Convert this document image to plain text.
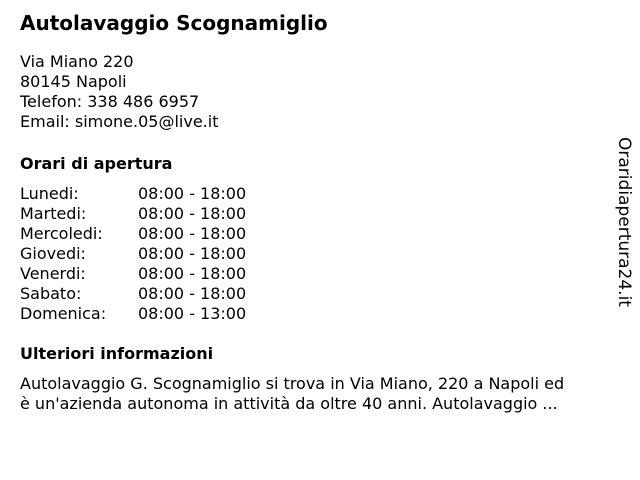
Autolavaggio Scognamiglio
Via Miano 220
80145 Napoli
Telefon: 338 486 6957
Email: simone.05@live.it
Orari di apertura
Lunedi:	08:00 - 18:00
Martedi:	08:00 - 18:00
Mercoledi: 08:00 - 18:00
Giovedi:	08:00 - 18:00
Venerdi:	08:00 - 18:00
Sabato:	08:00 - 18:00
Domenica: 08:00 - 13:00
Ulteriori informazioni
Autolavaggio G. Scognamiglio si trova in Via Miano, 220 a Napoli ed
è un'azienda autonoma in attività da oltre 40 anni. Autolavaggio ...
Oraridiapertura24.it
